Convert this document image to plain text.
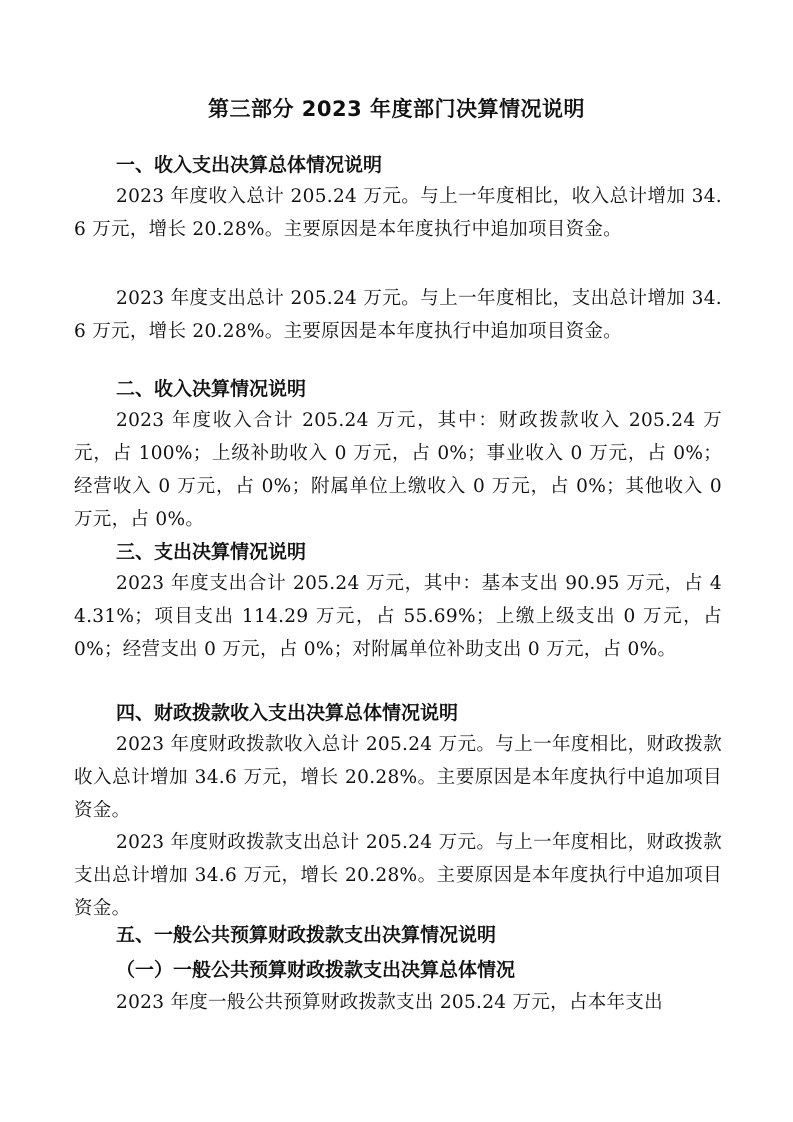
第三部分 2023 年度部门决算情况说明
一、收入支出决算总体情况说明

2023 年度收入总计 205.24 万元。与上一年度相比，收入总计增加 34.6 万元，增长 20.28%。主要原因是本年度执行中追加项目资金。

2023 年度支出总计 205.24 万元。与上一年度相比，支出总计增加 34.6 万元，增长 20.28%。主要原因是本年度执行中追加项目资金。

二、收入决算情况说明

2023 年度收入合计 205.24 万元，其中：财政拨款收入 205.24 万元，占 100%；上级补助收入 0 万元，占 0%；事业收入 0 万元，占 0%；经营收入 0 万元，占 0%；附属单位上缴收入 0 万元，占 0%；其他收入 0 万元，占 0%。

三、支出决算情况说明

2023 年度支出合计 205.24 万元，其中：基本支出 90.95 万元，占 44.31%；项目支出 114.29 万元，占 55.69%；上缴上级支出 0 万元，占 0%；经营支出 0 万元，占 0%；对附属单位补助支出 0 万元，占 0%。

四、财政拨款收入支出决算总体情况说明

2023 年度财政拨款收入总计 205.24 万元。与上一年度相比，财政拨款收入总计增加 34.6 万元，增长 20.28%。主要原因是本年度执行中追加项目资金。

2023 年度财政拨款支出总计 205.24 万元。与上一年度相比，财政拨款支出总计增加 34.6 万元，增长 20.28%。主要原因是本年度执行中追加项目资金。

五、一般公共预算财政拨款支出决算情况说明
（一）一般公共预算财政拨款支出决算总体情况

2023 年度一般公共预算财政拨款支出 205.24 万元，占本年支出
